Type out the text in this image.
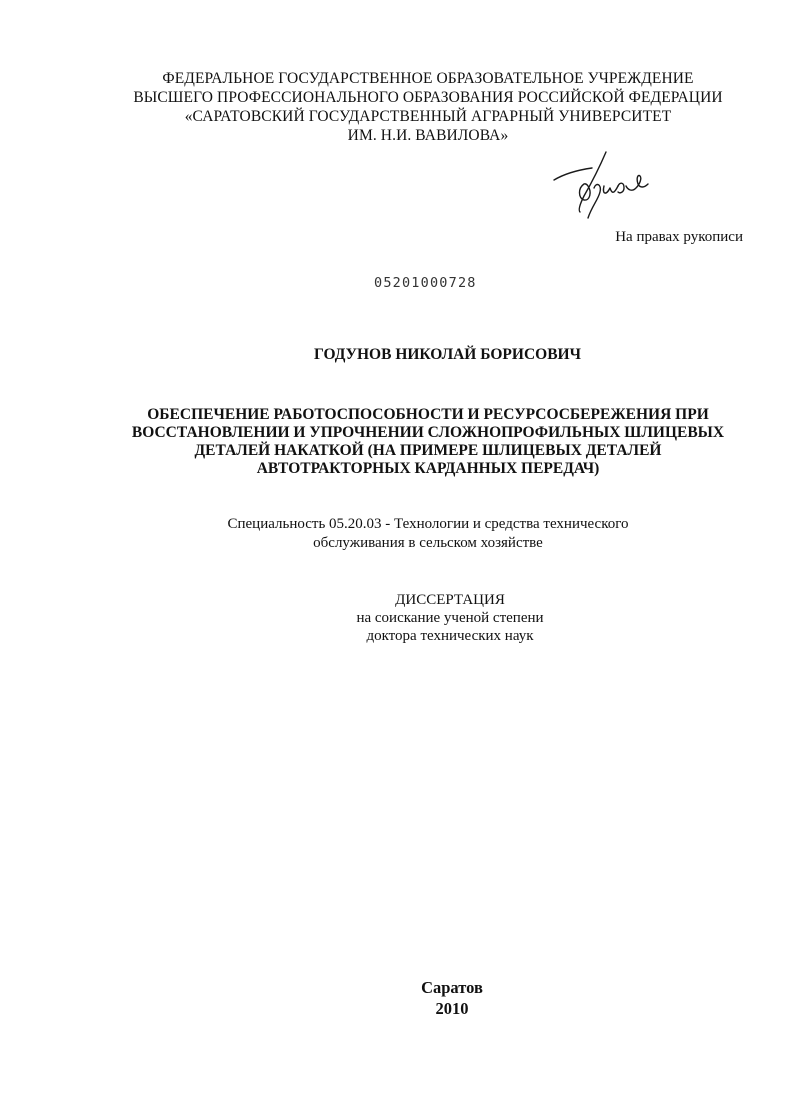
ФЕДЕРАЛЬНОЕ ГОСУДАРСТВЕННОЕ ОБРАЗОВАТЕЛЬНОЕ УЧРЕЖДЕНИЕ
ВЫСШЕГО ПРОФЕССИОНАЛЬНОГО ОБРАЗОВАНИЯ РОССИЙСКОЙ ФЕДЕРАЦИИ
«САРАТОВСКИЙ ГОСУДАРСТВЕННЫЙ АГРАРНЫЙ УНИВЕРСИТЕТ
ИМ. Н.И. ВАВИЛОВА»
На правах рукописи
05201000728
ГОДУНОВ НИКОЛАЙ БОРИСОВИЧ
ОБЕСПЕЧЕНИЕ РАБОТОСПОСОБНОСТИ И РЕСУРСОСБЕРЕЖЕНИЯ ПРИ
ВОССТАНОВЛЕНИИ И УПРОЧНЕНИИ СЛОЖНОПРОФИЛЬНЫХ ШЛИЦЕВЫХ
ДЕТАЛЕЙ НАКАТКОЙ (НА ПРИМЕРЕ ШЛИЦЕВЫХ ДЕТАЛЕЙ
АВТОТРАКТОРНЫХ КАРДАННЫХ ПЕРЕДАЧ)
Специальность 05.20.03 - Технологии и средства технического
обслуживания в сельском хозяйстве
ДИССЕРТАЦИЯ
на соискание ученой степени
доктора технических наук
Саратов
2010
